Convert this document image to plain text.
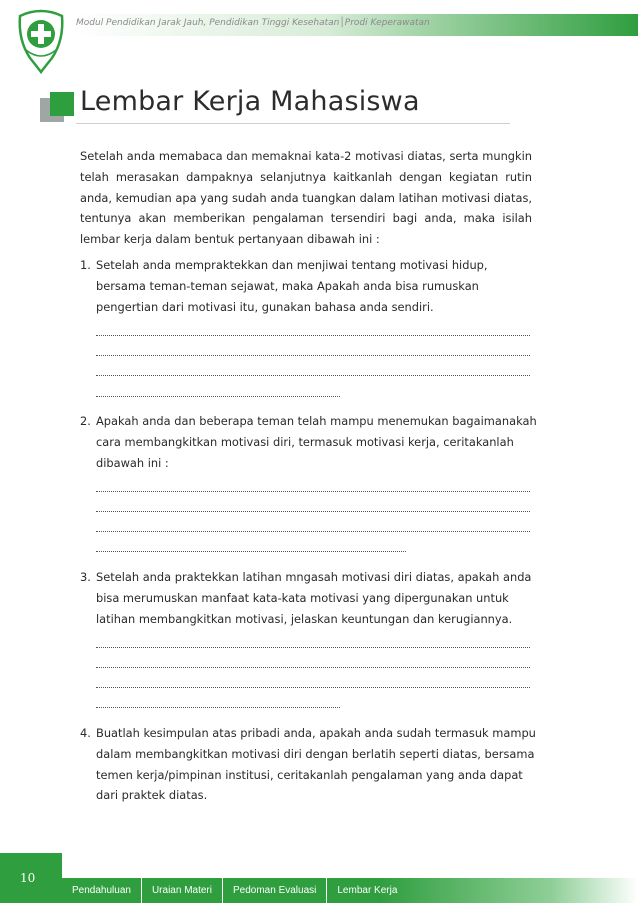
Modul Pendidikan Jarak Jauh, Pendidikan Tinggi Kesehatan│Prodi Keperawatan
Lembar Kerja Mahasiswa
Setelah anda memabaca dan memaknai kata-2 motivasi diatas, serta mungkin telah merasakan dampaknya selanjutnya kaitkanlah dengan kegiatan rutin anda, kemudian apa yang sudah anda tuangkan dalam latihan motivasi diatas, tentunya akan memberikan pengalaman tersendiri bagi anda, maka isilah lembar kerja dalam bentuk pertanyaan dibawah ini :
1. Setelah anda mempraktekkan dan menjiwai tentang motivasi hidup, bersama teman-teman sejawat, maka Apakah anda bisa rumuskan pengertian dari motivasi itu, gunakan bahasa anda sendiri.
2. Apakah anda dan beberapa teman telah mampu menemukan bagaimanakah cara membangkitkan motivasi diri, termasuk motivasi kerja, ceritakanlah dibawah ini :
3. Setelah anda praktekkan latihan mngasah motivasi diri diatas, apakah anda bisa merumuskan manfaat kata-kata motivasi yang dipergunakan untuk latihan membangkitkan motivasi, jelaskan keuntungan dan kerugiannya.
4. Buatlah kesimpulan atas pribadi anda, apakah anda sudah termasuk mampu dalam membangkitkan motivasi diri dengan berlatih seperti diatas, bersama temen kerja/pimpinan institusi, ceritakanlah pengalaman yang anda dapat dari praktek diatas.
10
Pendahuluan	Uraian Materi	Pedoman Evaluasi	Lembar Kerja
